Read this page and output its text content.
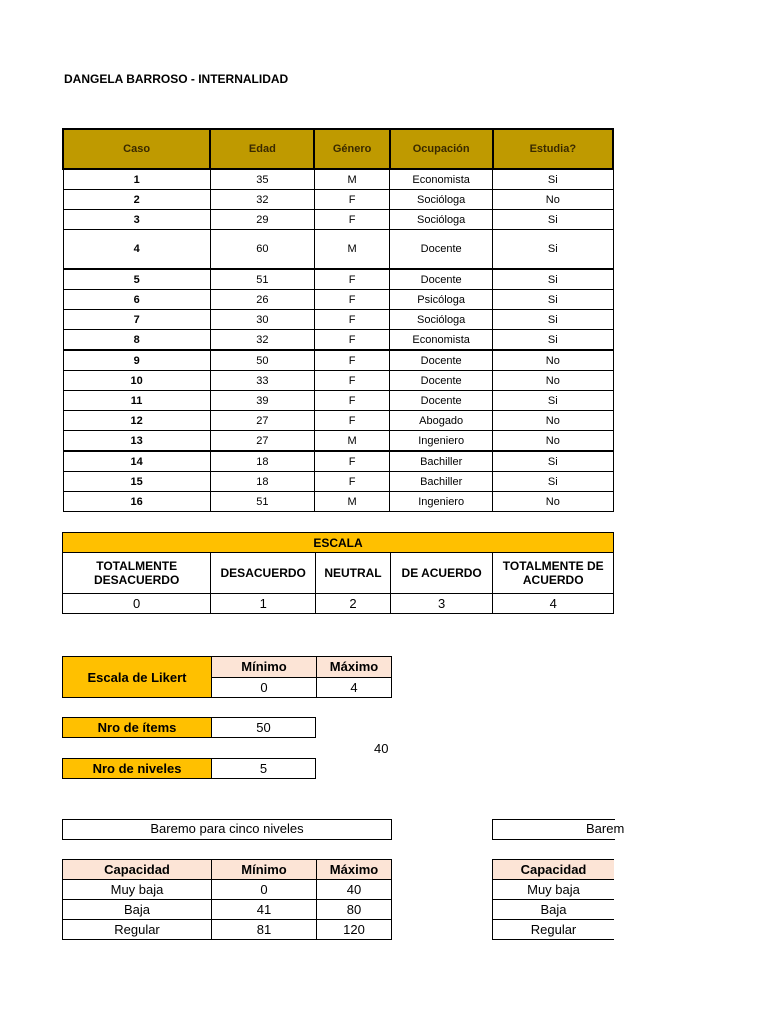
DANGELA BARROSO - INTERNALIDAD
Caso	Edad	Género	Ocupación	Estudia?
1	35	M	Economista	Si
2	32	F	Socióloga	No
3	29	F	Socióloga	Si
4	60	M	Docente	Si
5	51	F	Docente	Si
6	26	F	Psicóloga	Si
7	30	F	Socióloga	Si
8	32	F	Economista	Si
9	50	F	Docente	No
10	33	F	Docente	No
11	39	F	Docente	Si
12	27	F	Abogado	No
13	27	M	Ingeniero	No
14	18	F	Bachiller	Si
15	18	F	Bachiller	Si
16	51	M	Ingeniero	No
ESCALA				
TOTALMENTE DESACUERDO	DESACUERDO	NEUTRAL	DE ACUERDO	TOTALMENTE DE ACUERDO
0	1	2	3	4
Escala de Likert	Mínimo	Máximo
	0	4
Nro de ítems	50
40
Nro de niveles	5
Baremo para cinco niveles	Barem
Capacidad	Mínimo	Máximo
Muy baja	0	40
Baja	41	80
Regular	81	120
Capacidad
Muy baja
Baja
Regular
